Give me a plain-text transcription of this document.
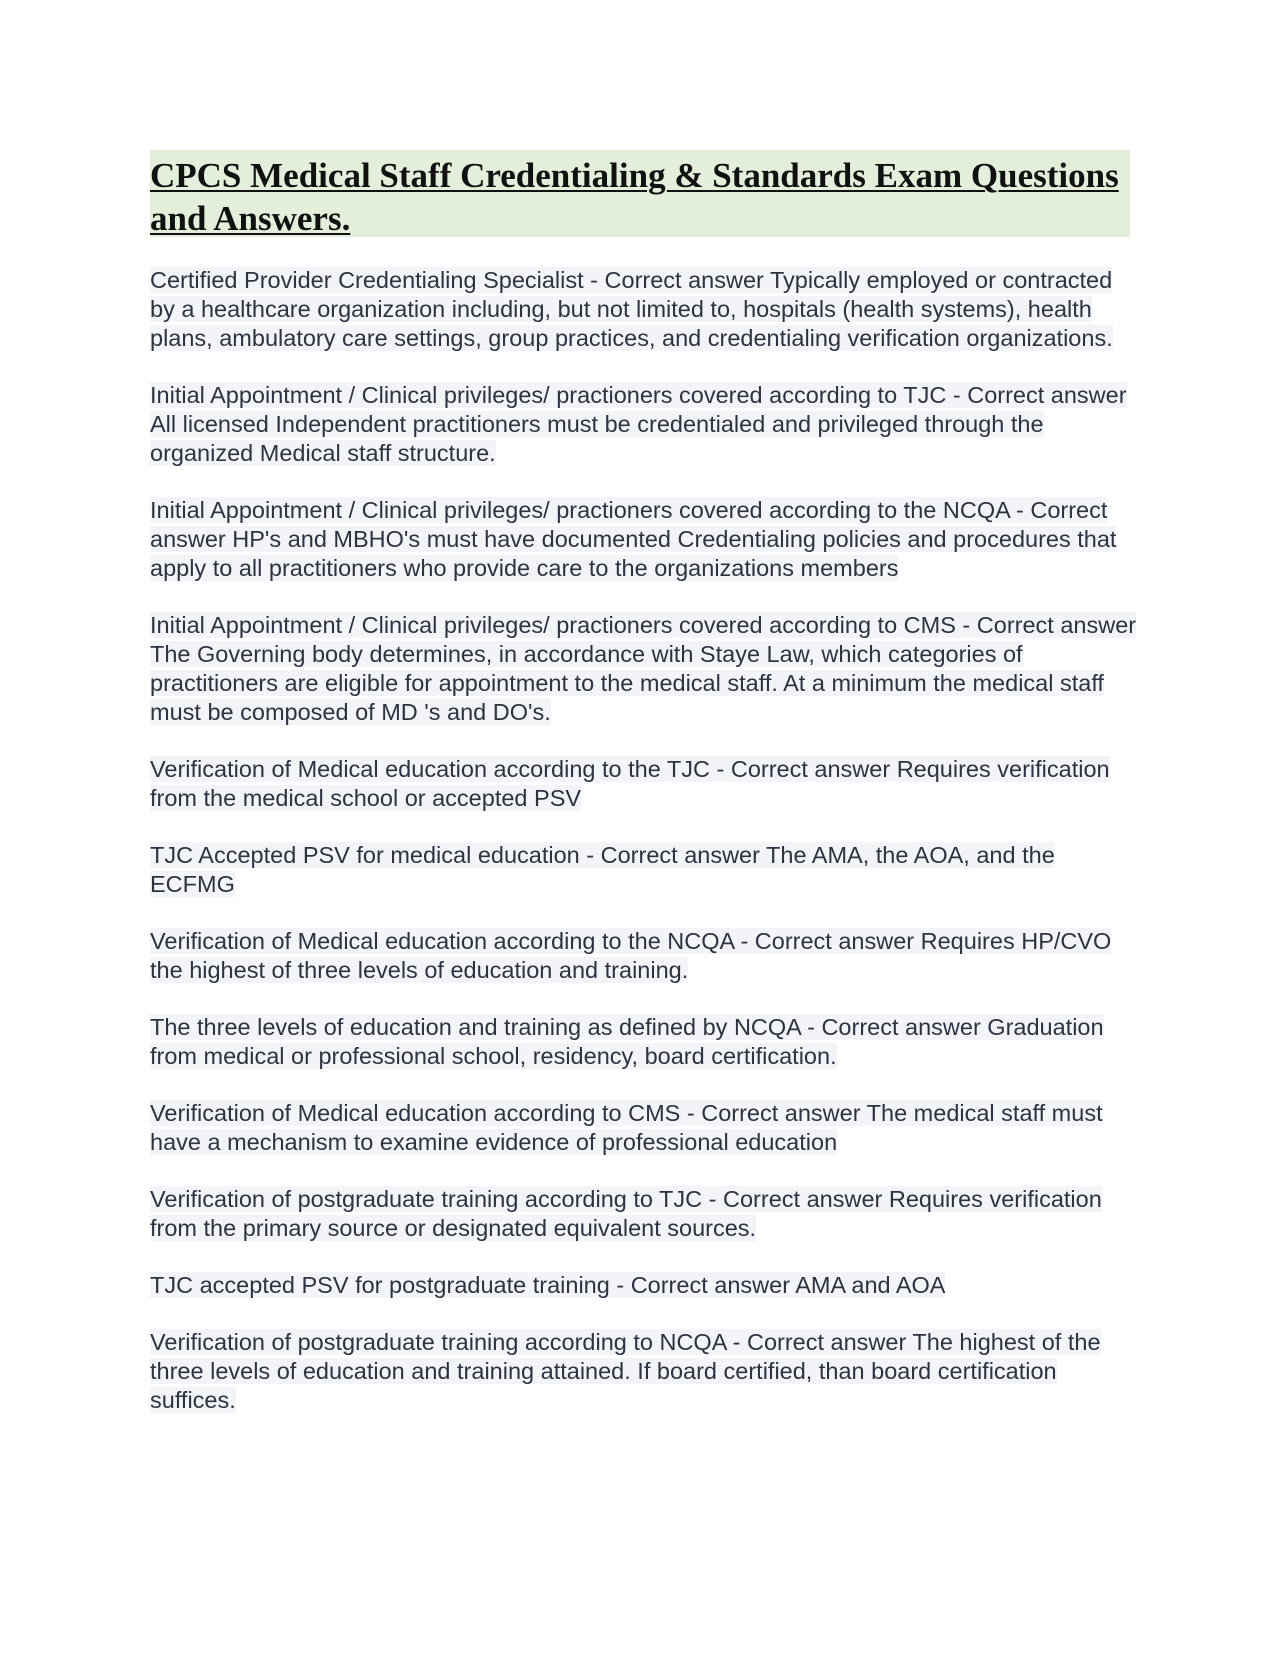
CPCS Medical Staff Credentialing & Standards Exam Questions and Answers.

Certified Provider Credentialing Specialist - Correct answer Typically employed or contracted by a healthcare organization including, but not limited to, hospitals (health systems), health plans, ambulatory care settings, group practices, and credentialing verification organizations.

Initial Appointment / Clinical privileges/ practioners covered according to TJC - Correct answer All licensed Independent practitioners must be credentialed and privileged through the organized Medical staff structure.

Initial Appointment / Clinical privileges/ practioners covered according to the NCQA - Correct answer HP's and MBHO's must have documented Credentialing policies and procedures that apply to all practitioners who provide care to the organizations members

Initial Appointment / Clinical privileges/ practioners covered according to CMS - Correct answer The Governing body determines, in accordance with Staye Law, which categories of practitioners are eligible for appointment to the medical staff. At a minimum the medical staff must be composed of MD 's and DO's.

Verification of Medical education according to the TJC - Correct answer Requires verification from the medical school or accepted PSV

TJC Accepted PSV for medical education - Correct answer The AMA, the AOA, and the ECFMG

Verification of Medical education according to the NCQA - Correct answer Requires HP/CVO the highest of three levels of education and training.

The three levels of education and training as defined by NCQA - Correct answer Graduation from medical or professional school, residency, board certification.

Verification of Medical education according to CMS - Correct answer The medical staff must have a mechanism to examine evidence of professional education

Verification of postgraduate training according to TJC - Correct answer Requires verification from the primary source or designated equivalent sources.

TJC accepted PSV for postgraduate training - Correct answer AMA and AOA

Verification of postgraduate training according to NCQA - Correct answer The highest of the three levels of education and training attained. If board certified, than board certification suffices.
